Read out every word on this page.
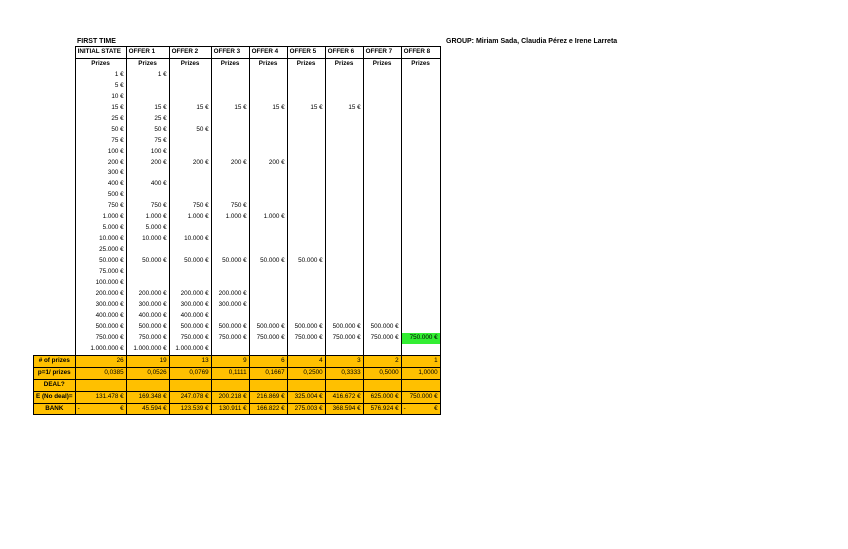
FIRST TIME	GROUP: Miriam Sada, Claudia Pérez e Irene Larreta
	INITIAL STATE	OFFER 1	OFFER 2	OFFER 3	OFFER 4	OFFER 5	OFFER 6	OFFER 7	OFFER 8
	Prizes	Prizes	Prizes	Prizes	Prizes	Prizes	Prizes	Prizes	Prizes
	1 €	1 €							
	5 €								
	10 €								
	15 €	15 €	15 €	15 €	15 €	15 €	15 €		
	25 €	25 €							
	50 €	50 €	50 €						
	75 €	75 €							
	100 €	100 €							
	200 €	200 €	200 €	200 €	200 €				
	300 €								
	400 €	400 €							
	500 €								
	750 €	750 €	750 €	750 €					
	1.000 €	1.000 €	1.000 €	1.000 €	1.000 €				
	5.000 €	5.000 €							
	10.000 €	10.000 €	10.000 €						
	25.000 €								
	50.000 €	50.000 €	50.000 €	50.000 €	50.000 €	50.000 €			
	75.000 €								
	100.000 €								
	200.000 €	200.000 €	200.000 €	200.000 €					
	300.000 €	300.000 €	300.000 €	300.000 €					
	400.000 €	400.000 €	400.000 €						
	500.000 €	500.000 €	500.000 €	500.000 €	500.000 €	500.000 €	500.000 €	500.000 €	
	750.000 €	750.000 €	750.000 €	750.000 €	750.000 €	750.000 €	750.000 €	750.000 €	750.000 €
	1.000.000 €	1.000.000 €	1.000.000 €						
# of prizes	26	19	13	9	6	4	3	2	1
p=1/ prizes	0,0385	0,0526	0,0769	0,1111	0,1667	0,2500	0,3333	0,5000	1,0000
DEAL?									
E (No deal)=	131.478 €	169.348 €	247.078 €	200.218 €	216.869 €	325.004 €	416.672 €	625.000 €	750.000 €
BANK	- €	45.594 €	123.539 €	130.911 €	166.822 €	275.003 €	368.594 €	576.924 €	- €
